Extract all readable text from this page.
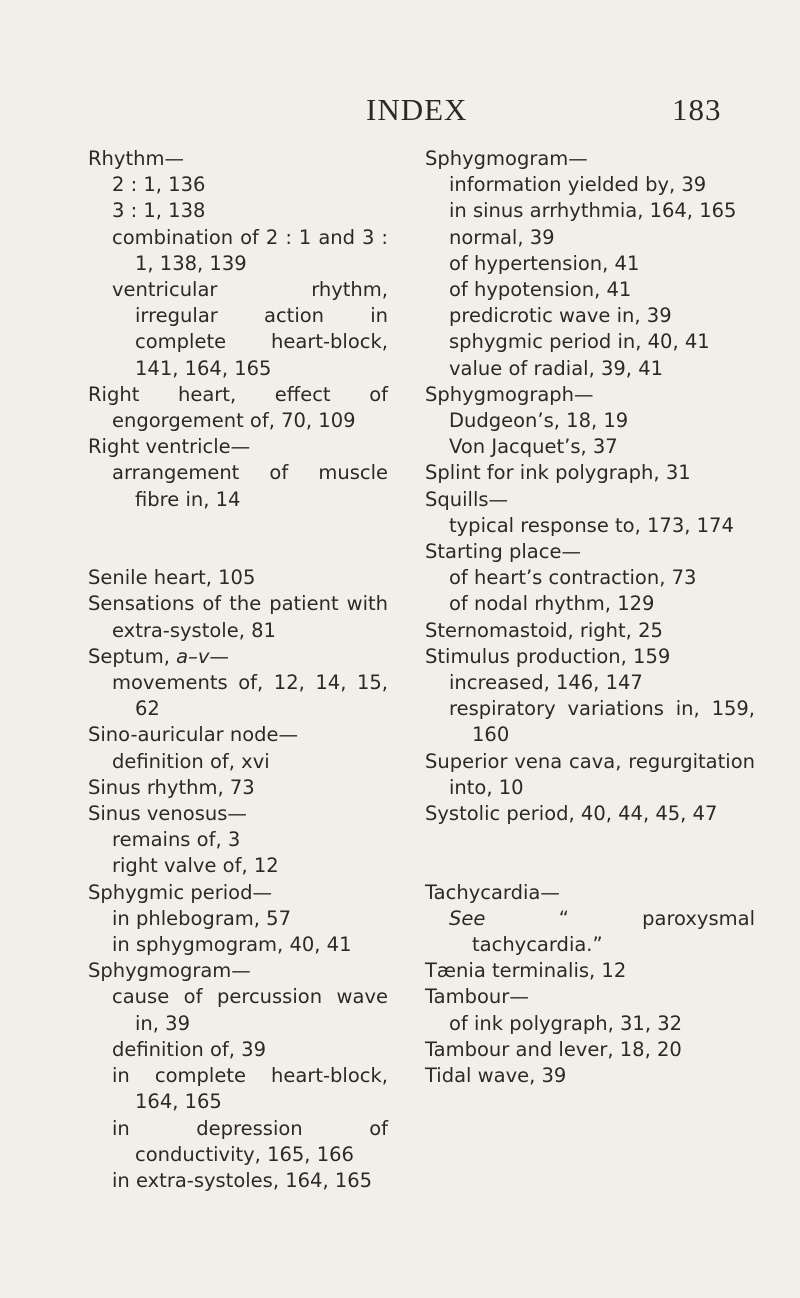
INDEX	183

Rhythm—

2 : 1, 136

3 : 1, 138

combination of 2 : 1 and 3 : 1, 138, 139

ventricular rhythm, irregular action in complete heart-block, 141, 164, 165

Right heart, effect of engorgement of, 70, 109

Right ventricle—

arrangement of muscle fibre in, 14

Senile heart, 105

Sensations of the patient with extra-systole, 81

Septum, a–v—

movements of, 12, 14, 15, 62

Sino-auricular node—

definition of, xvi

Sinus rhythm, 73

Sinus venosus—

remains of, 3

right valve of, 12

Sphygmic period—

in phlebogram, 57

in sphygmogram, 40, 41

Sphygmogram—

cause of percussion wave in, 39

definition of, 39

in complete heart-block, 164, 165

in depression of conductivity, 165, 166

in extra-systoles, 164, 165

Sphygmogram—

information yielded by, 39

in sinus arrhythmia, 164, 165

normal, 39

of hypertension, 41

of hypotension, 41

predicrotic wave in, 39

sphygmic period in, 40, 41

value of radial, 39, 41

Sphygmograph—

Dudgeon’s, 18, 19

Von Jacquet’s, 37

Splint for ink polygraph, 31

Squills—

typical response to, 173, 174

Starting place—

of heart’s contraction, 73

of nodal rhythm, 129

Sternomastoid, right, 25

Stimulus production, 159

increased, 146, 147

respiratory variations in, 159, 160

Superior vena cava, regurgitation into, 10

Systolic period, 40, 44, 45, 47

Tachycardia—

See “ paroxysmal tachycardia.”

Tænia terminalis, 12

Tambour—

of ink polygraph, 31, 32

Tambour and lever, 18, 20

Tidal wave, 39
